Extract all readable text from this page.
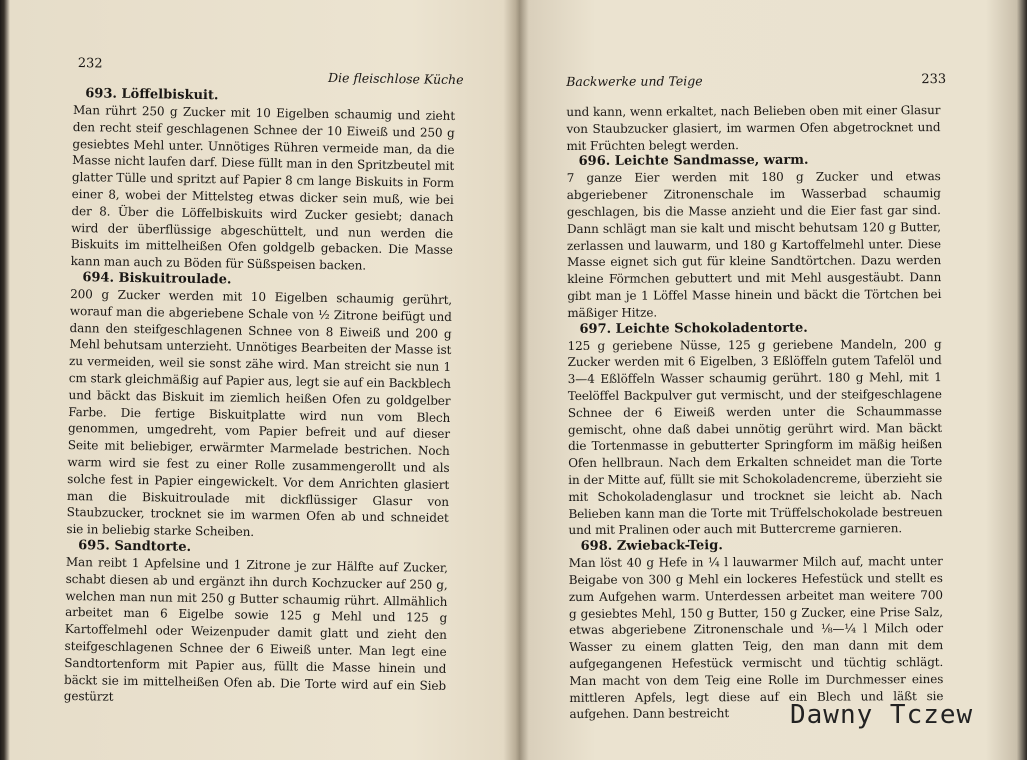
232
Die fleischlose Küche

693. Löffelbiskuit.

Man rührt 250 g Zucker mit 10 Eigelben schaumig und zieht den recht steif geschlagenen Schnee der 10 Eiweiß und 250 g gesiebtes Mehl unter. Unnötiges Rühren vermeide man, da die Masse nicht laufen darf. Diese füllt man in den Spritzbeutel mit glatter Tülle und spritzt auf Papier 8 cm lange Biskuits in Form einer 8, wobei der Mittelsteg etwas dicker sein muß, wie bei der 8. Über die Löffelbiskuits wird Zucker gesiebt; danach wird der überflüssige abgeschüttelt, und nun werden die Biskuits im mittelheißen Ofen goldgelb gebacken. Die Masse kann man auch zu Böden für Süßspeisen backen.

694. Biskuitroulade.

200 g Zucker werden mit 10 Eigelben schaumig gerührt, worauf man die abgeriebene Schale von ½ Zitrone beifügt und dann den steifgeschlagenen Schnee von 8 Eiweiß und 200 g Mehl behutsam unterzieht. Unnötiges Bearbeiten der Masse ist zu vermeiden, weil sie sonst zähe wird. Man streicht sie nun 1 cm stark gleichmäßig auf Papier aus, legt sie auf ein Backblech und bäckt das Biskuit im ziemlich heißen Ofen zu goldgelber Farbe. Die fertige Biskuitplatte wird nun vom Blech genommen, umgedreht, vom Papier befreit und auf dieser Seite mit beliebiger, erwärmter Marmelade bestrichen. Noch warm wird sie fest zu einer Rolle zusammengerollt und als solche fest in Papier eingewickelt. Vor dem Anrichten glasiert man die Biskuitroulade mit dickflüssiger Glasur von Staubzucker, trocknet sie im warmen Ofen ab und schneidet sie in beliebig starke Scheiben.

695. Sandtorte.

Man reibt 1 Apfelsine und 1 Zitrone je zur Hälfte auf Zucker, schabt diesen ab und ergänzt ihn durch Kochzucker auf 250 g, welchen man nun mit 250 g Butter schaumig rührt. Allmählich arbeitet man 6 Eigelbe sowie 125 g Mehl und 125 g Kartoffelmehl oder Weizenpuder damit glatt und zieht den steifgeschlagenen Schnee der 6 Eiweiß unter. Man legt eine Sandtortenform mit Papier aus, füllt die Masse hinein und bäckt sie im mittelheißen Ofen ab. Die Torte wird auf ein Sieb gestürzt

Backwerke und Teige	233

und kann, wenn erkaltet, nach Belieben oben mit einer Glasur von Staubzucker glasiert, im warmen Ofen abgetrocknet und mit Früchten belegt werden.

696. Leichte Sandmasse, warm.

7 ganze Eier werden mit 180 g Zucker und etwas abgeriebener Zitronenschale im Wasserbad schaumig geschlagen, bis die Masse anzieht und die Eier fast gar sind. Dann schlägt man sie kalt und mischt behutsam 120 g Butter, zerlassen und lauwarm, und 180 g Kartoffelmehl unter. Diese Masse eignet sich gut für kleine Sandtörtchen. Dazu werden kleine Förmchen gebuttert und mit Mehl ausgestäubt. Dann gibt man je 1 Löffel Masse hinein und bäckt die Törtchen bei mäßiger Hitze.

697. Leichte Schokoladentorte.

125 g geriebene Nüsse, 125 g geriebene Mandeln, 200 g Zucker werden mit 6 Eigelben, 3 Eßlöffeln gutem Tafelöl und 3—4 Eßlöffeln Wasser schaumig gerührt. 180 g Mehl, mit 1 Teelöffel Backpulver gut vermischt, und der steifgeschlagene Schnee der 6 Eiweiß werden unter die Schaummasse gemischt, ohne daß dabei unnötig gerührt wird. Man bäckt die Tortenmasse in gebutterter Springform im mäßig heißen Ofen hellbraun. Nach dem Erkalten schneidet man die Torte in der Mitte auf, füllt sie mit Schokoladencreme, überzieht sie mit Schokoladenglasur und trocknet sie leicht ab. Nach Belieben kann man die Torte mit Trüffelschokolade bestreuen und mit Pralinen oder auch mit Buttercreme garnieren.

698. Zwieback-Teig.

Man löst 40 g Hefe in ¼ l lauwarmer Milch auf, macht unter Beigabe von 300 g Mehl ein lockeres Hefestück und stellt es zum Aufgehen warm. Unterdessen arbeitet man weitere 700 g gesiebtes Mehl, 150 g Butter, 150 g Zucker, eine Prise Salz, etwas abgeriebene Zitronenschale und ⅛—¼ l Milch oder Wasser zu einem glatten Teig, den man dann mit dem aufgegangenen Hefestück vermischt und tüchtig schlägt. Man macht von dem Teig eine Rolle im Durchmesser eines mittleren Apfels, legt diese auf ein Blech und läßt sie aufgehen. Dann bestreicht	Dawny Tczew
